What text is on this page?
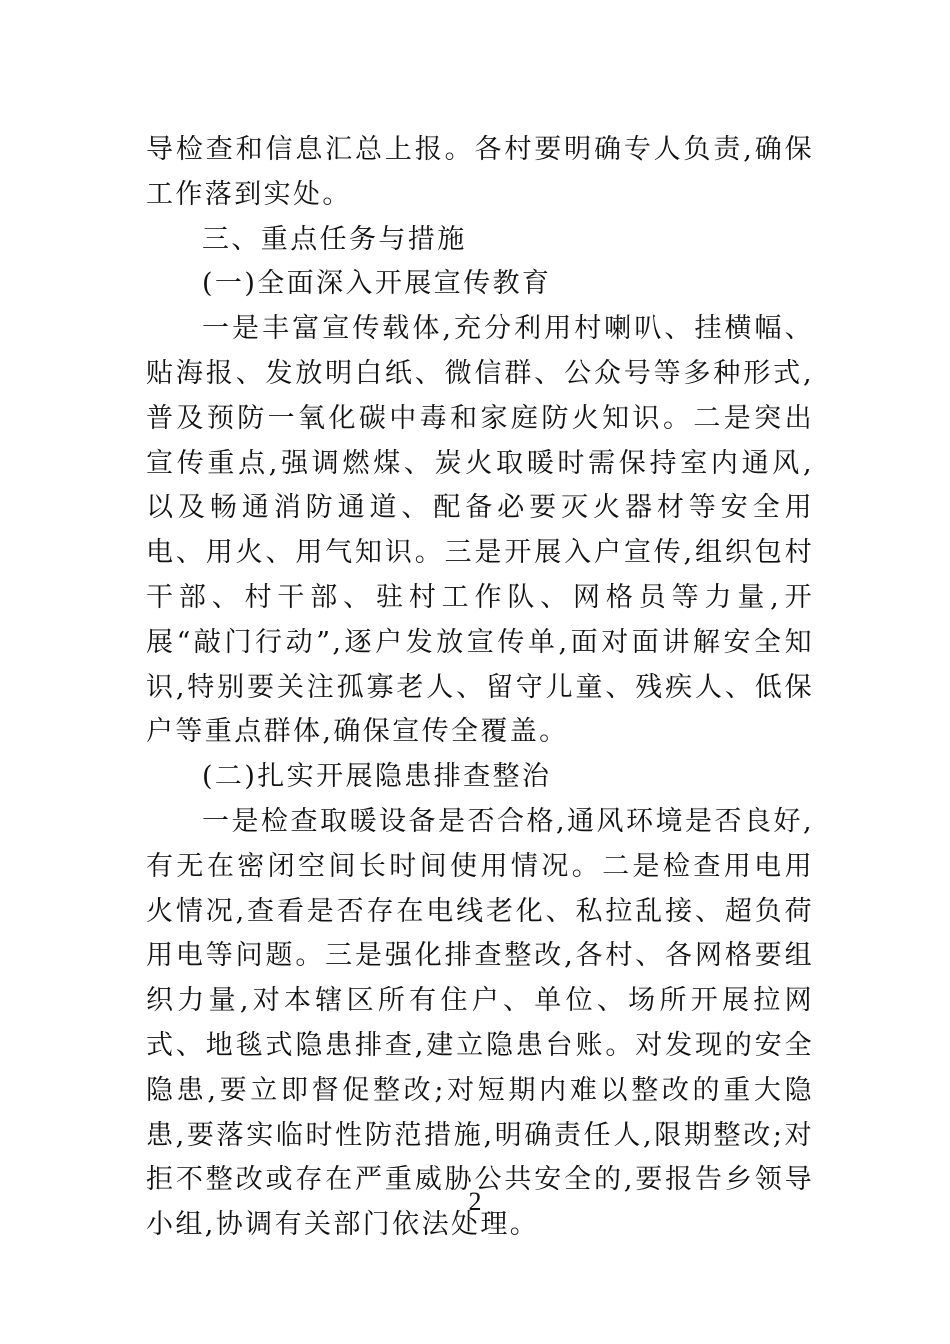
导检查和信息汇总上报。各村要明确专人负责,确保工作落到实处。

三、重点任务与措施

(一)全面深入开展宣传教育

一是丰富宣传载体,充分利用村喇叭、挂横幅、贴海报、发放明白纸、微信群、公众号等多种形式,普及预防一氧化碳中毒和家庭防火知识。二是突出宣传重点,强调燃煤、炭火取暖时需保持室内通风,以及畅通消防通道、配备必要灭火器材等安全用电、用火、用气知识。三是开展入户宣传,组织包村干部、村干部、驻村工作队、网格员等力量,开展“敲门行动”,逐户发放宣传单,面对面讲解安全知识,特别要关注孤寡老人、留守儿童、残疾人、低保户等重点群体,确保宣传全覆盖。

(二)扎实开展隐患排查整治

一是检查取暖设备是否合格,通风环境是否良好,有无在密闭空间长时间使用情况。二是检查用电用火情况,查看是否存在电线老化、私拉乱接、超负荷用电等问题。三是强化排查整改,各村、各网格要组织力量,对本辖区所有住户、单位、场所开展拉网式、地毯式隐患排查,建立隐患台账。对发现的安全隐患,要立即督促整改;对短期内难以整改的重大隐患,要落实临时性防范措施,明确责任人,限期整改;对拒不整改或存在严重威胁公共安全的,要报告乡领导小组,协调有关部门依法处理。

2
